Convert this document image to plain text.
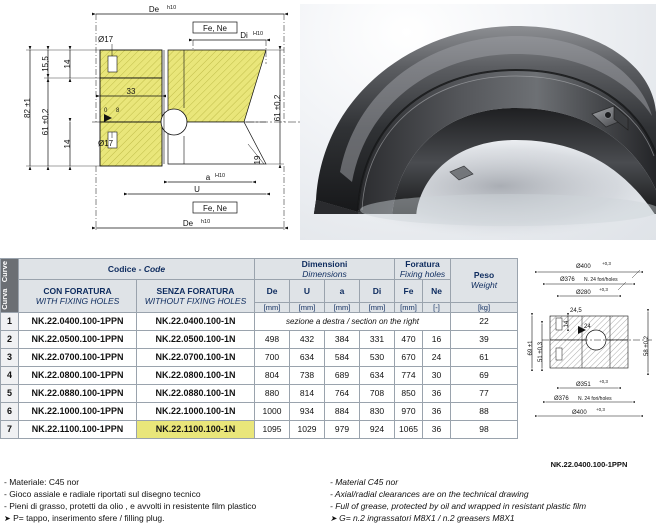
De h10
Fe, Ne
Di H10
Ø17
Ø17
82 ±1
61 ±0,2
15,5 14
14
61 ±0,2
33
19
0 8
a H10
U
Fe, Ne
De h10
Curva   Curve	Codice - Code	Dimensioni
Dimensions

Foratura
Fixing holes	Peso
Weight

CON FORATURA
WITH FIXING HOLES

SENZA FORATURA
WITHOUT FIXING HOLES
	De	U	a	Di	Fe	Ne
			[mm]	[mm]	[mm]	[mm]	[mm]	[-]	[kg]
1	NK.22.0400.100-1PPN	NK.22.0400.100-1N	sezione a destra / section on the right						22
2	NK.22.0500.100-1PPN	NK.22.0500.100-1N	498	432	384	331	470	16	39
3	NK.22.0700.100-1PPN	NK.22.0700.100-1N	700	634	584	530	670	24	61
4	NK.22.0800.100-1PPN	NK.22.0800.100-1N	804	738	689	634	774	30	69
5	NK.22.0880.100-1PPN	NK.22.0880.100-1N	880	814	764	708	850	36	77
6	NK.22.1000.100-1PPN	NK.22.1000.100-1N	1000	934	884	830	970	36	88
7	NK.22.1100.100-1PPN	NK.22.1100.100-1N	1095	1029	979	924	1065	36	98
Ø400
+0,3
Ø376 N. 24 fori/holes
Ø280
+0,3
69 ±1 51 ±0,3
14
58 ±0,2
24,5
24
Ø351
+0,3
Ø376 N. 24 fori/holes
Ø400
+0,3
NK.22.0400.100-1PPN
- Materiale: C45 nor
- Gioco assiale e radiale riportati sul disegno tecnico
- Pieni di grasso, protetti da olio , e avvolti in resistente film plastico
➤ P= tappo, inserimento sfere / filling plug.
- Material C45 nor
- Axial/radial clearances are on the technical drawing
- Full of grease, protected by oil and wrapped in resistant plastic film
➤ G= n.2 ingrassatori M8X1 / n.2 greasers M8X1
